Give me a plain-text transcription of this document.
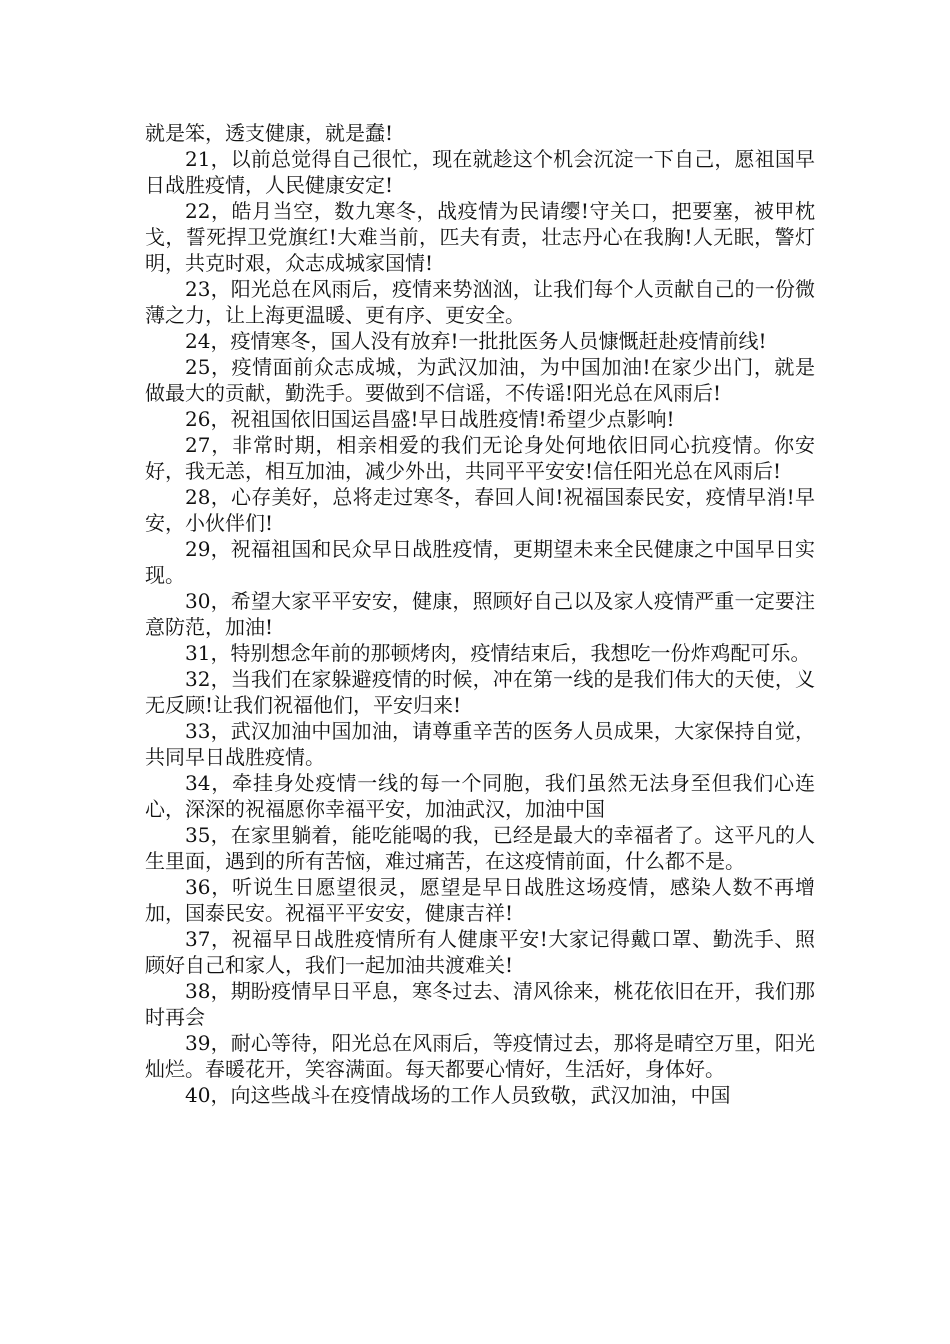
就是笨，透支健康，就是蠢!

21，以前总觉得自己很忙，现在就趁这个机会沉淀一下自己，愿祖国早日战胜疫情，人民健康安定!

22，皓月当空，数九寒冬，战疫情为民请缨!守关口，把要塞，被甲枕戈，誓死捍卫党旗红!大难当前，匹夫有责，壮志丹心在我胸!人无眠，警灯明，共克时艰，众志成城家国情!

23，阳光总在风雨后，疫情来势汹汹，让我们每个人贡献自己的一份微薄之力，让上海更温暖、更有序、更安全。

24，疫情寒冬，国人没有放弃!一批批医务人员慷慨赶赴疫情前线!

25，疫情面前众志成城，为武汉加油，为中国加油!在家少出门，就是做最大的贡献，勤洗手。要做到不信谣，不传谣!阳光总在风雨后!

26，祝祖国依旧国运昌盛!早日战胜疫情!希望少点影响!

27，非常时期，相亲相爱的我们无论身处何地依旧同心抗疫情。你安好，我无恙，相互加油，减少外出，共同平平安安!信任阳光总在风雨后!

28，心存美好，总将走过寒冬，春回人间!祝福国泰民安，疫情早消!早安，小伙伴们!

29，祝福祖国和民众早日战胜疫情，更期望未来全民健康之中国早日实现。

30，希望大家平平安安，健康，照顾好自己以及家人疫情严重一定要注意防范，加油!

31，特别想念年前的那顿烤肉，疫情结束后，我想吃一份炸鸡配可乐。

32，当我们在家躲避疫情的时候，冲在第一线的是我们伟大的天使，义无反顾!让我们祝福他们，平安归来!

33，武汉加油中国加油，请尊重辛苦的医务人员成果，大家保持自觉，共同早日战胜疫情。

34，牵挂身处疫情一线的每一个同胞，我们虽然无法身至但我们心连心，深深的祝福愿你幸福平安，加油武汉，加油中国

35，在家里躺着，能吃能喝的我，已经是最大的幸福者了。这平凡的人生里面，遇到的所有苦恼，难过痛苦，在这疫情前面，什么都不是。

36，听说生日愿望很灵，愿望是早日战胜这场疫情，感染人数不再增加，国泰民安。祝福平平安安，健康吉祥!

37，祝福早日战胜疫情所有人健康平安!大家记得戴口罩、勤洗手、照顾好自己和家人，我们一起加油共渡难关!

38，期盼疫情早日平息，寒冬过去、清风徐来，桃花依旧在开，我们那时再会

39，耐心等待，阳光总在风雨后，等疫情过去，那将是晴空万里，阳光灿烂。春暖花开，笑容满面。每天都要心情好，生活好，身体好。

40，向这些战斗在疫情战场的工作人员致敬，武汉加油，中国
